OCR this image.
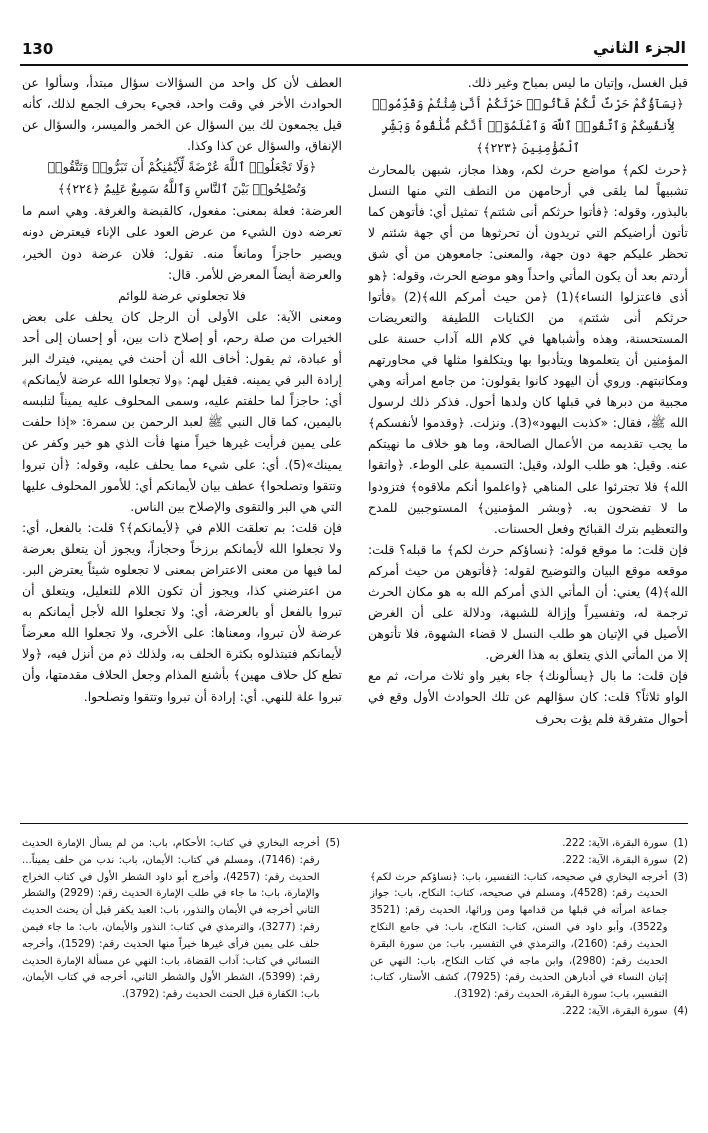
130	الجزء الثاني

قبل الغسل، وإتيان ما ليس بمباح وغير ذلك.

﴿نِسَآؤُكُمْ حَرْثٌ لَّكُمْ فَأْتُوا۟ حَرْثَكُمْ أَنَّىٰ شِئْتُمْ وَقَدِّمُوا۟ لِأَنفُسِكُمْ وَٱتَّقُوا۟ ٱللَّهَ وَٱعْلَمُوٓا۟ أَنَّكُم مُّلَٰقُوهُ وَبَشِّرِ ٱلْمُؤْمِنِينَ ﴿٢٢٣﴾﴾

﴿حرث لكم﴾ مواضع حرث لكم، وهذا مجاز، شبهن بالمحارث تشبيهاً لما يلقى في أرحامهن من النطف التي منها النسل بالبذور، وقوله: ﴿فأتوا حرثكم أنى شئتم﴾ تمثيل أي: فأتوهن كما تأتون أراضيكم التي تريدون أن تحرثوها من أي جهة شئتم لا تحظر عليكم جهة دون جهة، والمعنى: جامعوهن من أي شق أردتم بعد أن يكون المأتي واحداً وهو موضع الحرث، وقوله: ﴿هو أذى فاعتزلوا النساء﴾(1) ﴿من حيث أمركم الله﴾(2) ﴿فأتوا حرثكم أنى شئتم﴾ من الكنايات اللطيفة والتعريضات المستحسنة، وهذه وأشباهها في كلام الله آداب حسنة على المؤمنين أن يتعلموها ويتأدبوا بها ويتكلفوا مثلها في محاورتهم ومكاتبتهم. وروي أن اليهود كانوا يقولون: من جامع امرأته وهي مجبية من دبرها في قبلها كان ولدها أحول. فذكر ذلك لرسول الله ﷺ، فقال: «كذبت اليهود»(3). ونزلت. ﴿وقدموا لأنفسكم﴾ ما يجب تقديمه من الأعمال الصالحة، وما هو خلاف ما نهيتكم عنه. وقيل: هو طلب الولد، وقيل: التسمية على الوطء. ﴿واتقوا الله﴾ فلا تجترئوا على المناهي ﴿واعلموا أنكم ملاقوه﴾ فتزودوا ما لا تفضحون به. ﴿وبشر المؤمنين﴾ المستوجبين للمدح والتعظيم بترك القبائح وفعل الحسنات.

فإن قلت: ما موقع قوله: ﴿نساؤكم حرث لكم﴾ ما قبله؟ قلت: موقعه موقع البيان والتوضيح لقوله: ﴿فأتوهن من حيث أمركم الله﴾(4) يعني: أن المأتي الذي أمركم الله به هو مكان الحرث ترجمة له، وتفسيراً وإزالة للشبهة، ودلالة على أن الغرض الأصيل في الإتيان هو طلب النسل لا قضاء الشهوة، فلا تأتوهن إلا من المأتي الذي يتعلق به هذا الغرض.

فإن قلت: ما بال ﴿يسألونك﴾ جاء بغير واو ثلاث مرات، ثم مع الواو ثلاثاً؟ قلت: كان سؤالهم عن تلك الحوادث الأول وقع في أحوال متفرقة فلم يؤت بحرف

العطف لأن كل واحد من السؤالات سؤال مبتدأ، وسألوا عن الحوادث الأخر في وقت واحد، فجيء بحرف الجمع لذلك، كأنه قيل يجمعون لك بين السؤال عن الخمر والميسر، والسؤال عن الإنفاق، والسؤال عن كذا وكذا.

﴿وَلَا تَجْعَلُوا۟ ٱللَّهَ عُرْضَةً لِّأَيْمَٰنِكُمْ أَن تَبَرُّوا۟ وَتَتَّقُوا۟ وَتُصْلِحُوا۟ بَيْنَ ٱلنَّاسِ وَٱللَّهُ سَمِيعٌ عَلِيمٌ ﴿٢٢٤﴾﴾

العرضة: فعلة بمعنى: مفعول، كالقبضة والغرفة. وهي اسم ما تعرضه دون الشيء من عرض العود على الإناء فيعترض دونه ويصير حاجزاً ومانعاً منه. تقول: فلان عرضة دون الخير، والعرضة أيضاً المعرض للأمر. قال:

فلا تجعلوني عرضة للوائم

ومعنى الآية: على الأولى أن الرجل كان يحلف على بعض الخيرات من صلة رحم، أو إصلاح ذات بين، أو إحسان إلى أحد أو عبادة، ثم يقول: أخاف الله أن أحنث في يميني، فيترك البر إرادة البر في يمينه. فقيل لهم: ﴿ولا تجعلوا الله عرضة لأيمانكم﴾ أي: حاجزاً لما حلفتم عليه، وسمى المحلوف عليه يميناً لتلبسه باليمين، كما قال النبي ﷺ لعبد الرحمن بن سمرة: «إذا حلفت على يمين فرأيت غيرها خيراً منها فأت الذي هو خير وكفر عن يمينك»(5). أي: على شيء مما يحلف عليه، وقوله: ﴿أن تبروا وتتقوا وتصلحوا﴾ عطف بيان لأيمانكم أي: للأمور المحلوف عليها التي هي البر والتقوى والإصلاح بين الناس.

فإن قلت: بم تعلقت اللام في ﴿لأيمانكم﴾؟ قلت: بالفعل، أي: ولا تجعلوا الله لأيمانكم برزخاً وحجازاً، ويجوز أن يتعلق بعرضة لما فيها من معنى الاعتراض بمعنى لا تجعلوه شيئاً يعترض البر. من اعترضني كذا، ويجوز أن تكون اللام للتعليل، ويتعلق أن تبروا بالفعل أو بالعرضة، أي: ولا تجعلوا الله لأجل أيمانكم به عرضة لأن تبروا، ومعناها: على الأخرى، ولا تجعلوا الله معرضاً لأيمانكم فتبتذلوه بكثرة الحلف به، ولذلك ذم من أنزل فيه، ﴿ولا تطع كل حلاف مهين﴾ بأشنع المذام وجعل الحلاف مقدمتها، وأن تبروا علة للنهي. أي: إرادة أن تبروا وتتقوا وتصلحوا.

(1)
سورة البقرة، الآية: 222.

(2)
سورة البقرة، الآية: 222.

(3)
أخرجه البخاري في صحيحه، كتاب: التفسير، باب: ﴿نساؤكم حرث لكم﴾ الحديث رقم: (4528)، ومسلم في صحيحه، كتاب: النكاح، باب: جواز جماعة امرأته في قبلها من قدامها ومن ورائها، الحديث رقم: (3521 و3522)، وأبو داود في السنن، كتاب: النكاح، باب: في جامع النكاح الحديث رقم: (2160)، والترمذي في التفسير، باب: من سورة البقرة الحديث رقم: (2980)، وابن ماجه في كتاب النكاح، باب: النهي عن إتيان النساء في أدبارهن الحديث رقم: (7925)، كشف الأستار، كتاب: التفسير، باب: سورة البقرة، الحديث رقم: (3192).

(4)
سورة البقرة، الآية: 222.

(5)
أخرجه البخاري في كتاب: الأحكام، باب: من لم يسأل الإمارة الحديث رقم: (7146)، ومسلم في كتاب: الأيمان، باب: ندب من حلف يميناً... الحديث رقم: (4257)، وأخرج أبو داود الشطر الأول في كتاب الخراج والإمارة، باب: ما جاء في طلب الإمارة الحديث رقم: (2929) والشطر الثاني أخرجه في الأيمان والنذور، باب: العبد يكفر قبل أن يحنث الحديث رقم: (3277)، والترمذي في كتاب: النذور والأيمان، باب: ما جاء فيمن حلف على يمين فرأى غيرها خيراً منها الحديث رقم: (1529)، وأخرجه النسائي في كتاب: آداب القضاة، باب: النهي عن مسألة الإمارة الحديث رقم: (5399)، الشطر الأول والشطر الثاني، أخرجه في كتاب الأيمان، باب: الكفارة قبل الحنث الحديث رقم: (3792).
